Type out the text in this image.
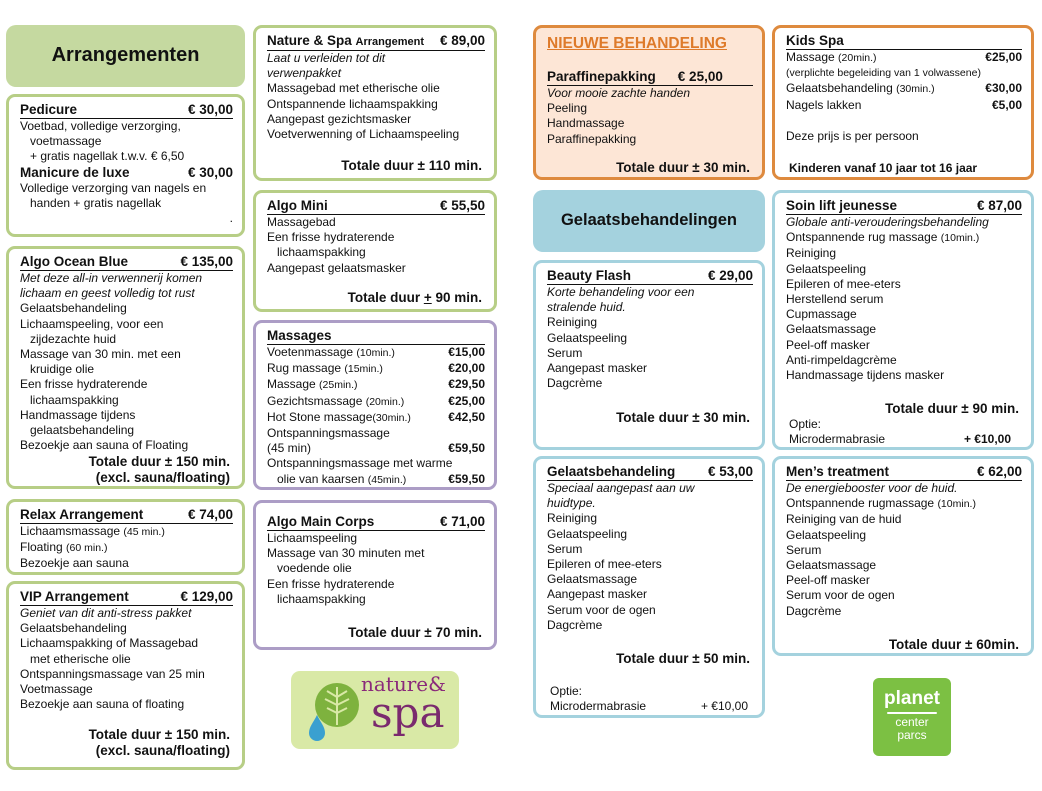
Arrangementen
Pedicure	€ 30,00
Voetbad, volledige verzorging,
voetmassage
+ gratis nagellak t.w.v. € 6,50
Manicure de luxe	€ 30,00
Volledige verzorging van nagels en
handen + gratis nagellak
.
Algo Ocean Blue	€ 135,00
Met deze all-in verwennerij komen
lichaam en geest volledig tot rust
Gelaatsbehandeling
Lichaamspeeling, voor een
zijdezachte huid
Massage van 30 min. met een
kruidige olie
Een frisse hydraterende
lichaamspakking
Handmassage tijdens
gelaatsbehandeling
Bezoekje aan sauna of Floating
Totale duur ± 150 min.
(excl. sauna/floating)
Relax Arrangement	€ 74,00
Lichaamsmassage (45 min.)
Floating (60 min.)
Bezoekje aan sauna
VIP Arrangement	€ 129,00
Geniet van dit anti-stress pakket
Gelaatsbehandeling
Lichaamspakking of Massagebad
met etherische olie
Ontspanningsmassage van 25 min
Voetmassage
Bezoekje aan sauna of floating
Totale duur ± 150 min.
(excl. sauna/floating)
Nature & Spa Arrangement € 89,00
Laat u verleiden tot dit
verwenpakket
Massagebad met etherische olie
Ontspannende lichaamspakking
Aangepast gezichtsmasker
Voetverwenning of Lichaamspeeling
Totale duur ± 110 min.
Algo Mini	€ 55,50
Massagebad
Een frisse hydraterende
lichaamspakking
Aangepast gelaatsmasker
Totale duur + 90 min.
Massages
Voetenmassage (10min.)	€15,00
Rug massage (15min.)	€20,00
Massage (25min.)	€29,50
Gezichtsmassage (20min.)	€25,00
Hot Stone massage(30min.)	€42,50
Ontspanningsmassage
(45 min)	€59,50
Ontspanningsmassage met warme
olie van kaarsen (45min.)	€59,50
Algo Main Corps	€ 71,00
Lichaamspeeling
Massage van 30 minuten met
voedende olie
Een frisse hydraterende
lichaamspakking
Totale duur ± 70 min.
nature&
spa
NIEUWE BEHANDELING
Paraffinepakking € 25,00
Voor mooie zachte handen
Peeling
Handmassage
Paraffinepakking
Totale duur ± 30 min.
Gelaatsbehandelingen
Beauty Flash	€ 29,00
Korte behandeling voor een
stralende huid.
Reiniging
Gelaatspeeling
Serum
Aangepast masker
Dagcrème
Totale duur ± 30 min.
Gelaatsbehandeling € 53,00
Speciaal aangepast aan uw
huidtype.
Reiniging
Gelaatspeeling
Serum
Epileren of mee-eters
Gelaatsmassage
Aangepast masker
Serum voor de ogen
Dagcrème
Totale duur ± 50 min.
Optie:
Microdermabrasie	+ €10,00
Kids Spa
Massage (20min.)	€25,00
(verplichte begeleiding van 1 volwassene)
Gelaatsbehandeling (30min.)	€30,00
Nagels lakken	€5,00
Deze prijs is per persoon
Kinderen vanaf 10 jaar tot 16 jaar
Soin lift jeunesse	€ 87,00
Globale anti-verouderingsbehandeling
Ontspannende rug massage (10min.)
Reiniging
Gelaatspeeling
Epileren of mee-eters
Herstellend serum
Cupmassage
Gelaatsmassage
Peel-off masker
Anti-rimpeldagcrème
Handmassage tijdens masker
Totale duur ± 90 min.
Optie:
Microdermabrasie	+ €10,00
Men’s treatment	€ 62,00
De energiebooster voor de huid.
Ontspannende rugmassage (10min.)
Reiniging van de huid
Gelaatspeeling
Serum
Gelaatsmassage
Peel-off masker
Serum voor de ogen
Dagcrème
Totale duur ± 60min.
planet
center
parcs
